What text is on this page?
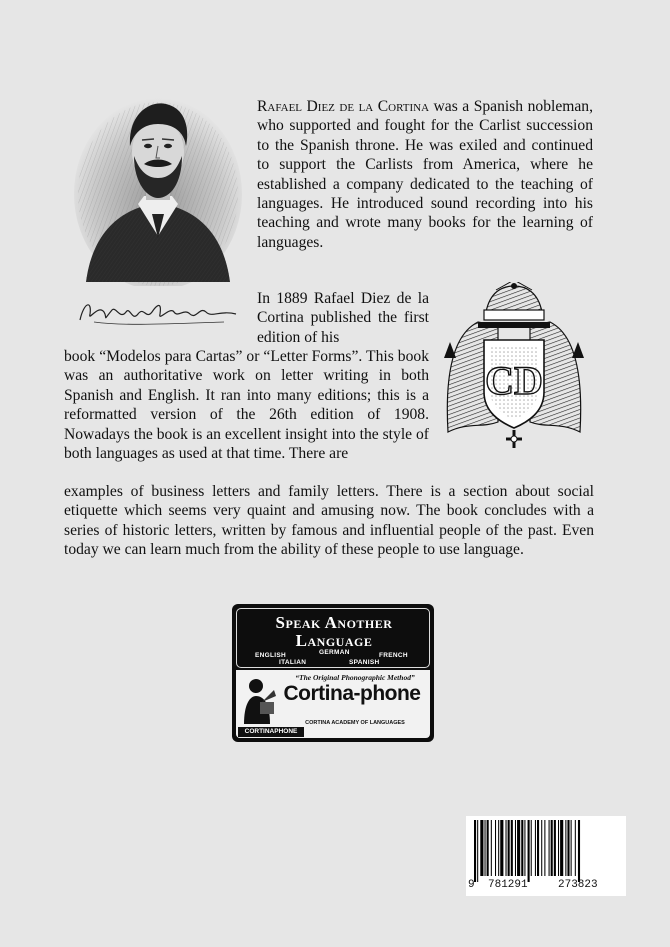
Rafael Diez de la Cortina was a Spanish nobleman, who supported and fought for the Carlist succession to the Spanish throne. He was exiled and continued to support the Carlists from America, where he established a company dedicated to the teaching of languages. He introduced sound recording into his teaching and wrote many books for the learning of languages.
In 1889 Rafael Diez de la Cortina published the first edition of his
book “Modelos para Cartas” or “Letter Forms”. This book was an authoritative work on letter writing in both Spanish and English. It ran into many editions; this is a reformatted version of the 26th edition of 1908. Nowadays the book is an excellent insight into the style of both languages as used at that time. There are
examples of business letters and family letters. There is a section about social etiquette which seems very quaint and amusing now. The book concludes with a series of historic letters, written by famous and influential people of the past. Even today we can learn much from the ability of these people to use language.
CD
Speak Another
Language
ENGLISH	GERMAN	FRENCH
ITALIAN	SPANISH
“The Original Phonographic Method”
Cortina-phone
CORTINA ACADEMY OF LANGUAGES
CORTINAPHONE
9 781291	273823
